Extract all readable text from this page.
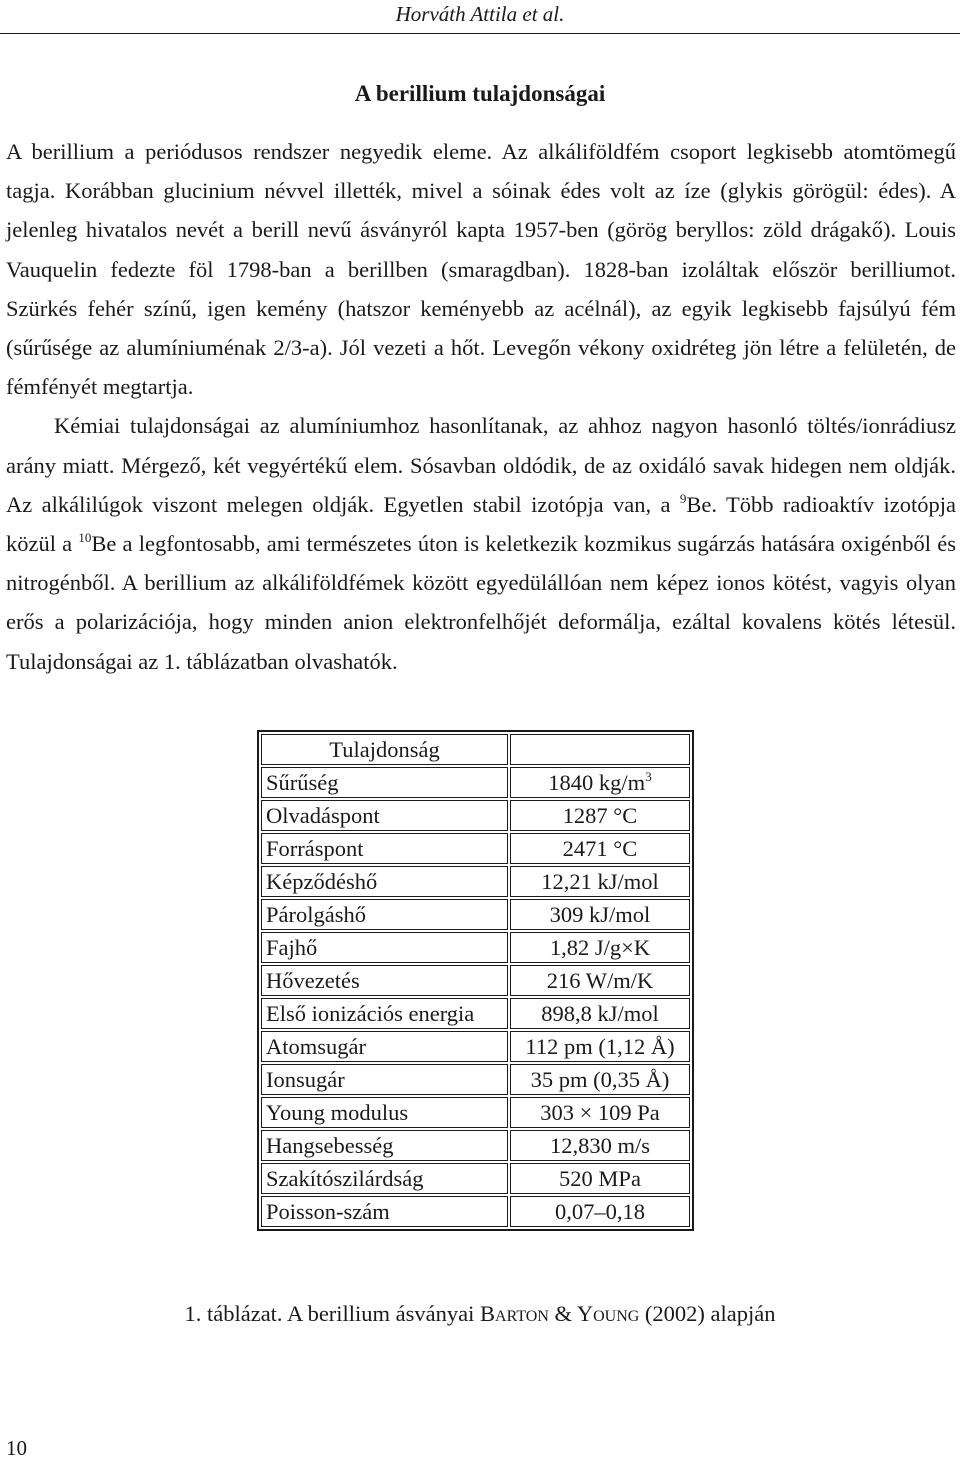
Horváth Attila et al.
A berillium tulajdonságai

A berillium a periódusos rendszer negyedik eleme. Az alkáliföldfém csoport legkisebb atomtömegű tagja. Korábban glucinium névvel illették, mivel a sóinak édes volt az íze (glykis görögül: édes). A jelenleg hivatalos nevét a berill nevű ásványról kapta 1957-ben (görög beryllos: zöld drágakő). Louis Vauquelin fedezte föl 1798-ban a berillben (smaragdban). 1828-ban izoláltak először berilliumot. Szürkés fehér színű, igen kemény (hatszor keményebb az acélnál), az egyik legkisebb fajsúlyú fém (sűrűsége az alumíniuménak 2/3-a). Jól vezeti a hőt. Levegőn vékony oxidréteg jön létre a felületén, de fémfényét megtartja.

Kémiai tulajdonságai az alumíniumhoz hasonlítanak, az ahhoz nagyon hasonló töltés/ionrádiusz arány miatt. Mérgező, két vegyértékű elem. Sósavban oldódik, de az oxidáló savak hidegen nem oldják. Az alkálilúgok viszont melegen oldják. Egyetlen stabil izotópja van, a $^9$Be. Több radioaktív izotópja közül a $^{10}$Be a legfontosabb, ami természetes úton is keletkezik kozmikus sugárzás hatására oxigénből és nitrogénből. A berillium az alkáliföldfémek között egyedülállóan nem képez ionos kötést, vagyis olyan erős a polarizációja, hogy minden anion elektronfelhőjét deformálja, ezáltal kovalens kötés létesül. Tulajdonságai az 1. táblázatban olvashatók.

Tulajdonság	
Sűrűség	1840 $kg/m^3$
Olvadáspont	1287 °C
Forráspont	2471 °C
Képződéshő	12,21 kJ/mol
Párolgáshő	309 kJ/mol
Fajhő	1,82 J/g×K
Hővezetés	216 W/m/K
Első ionizációs energia	898,8 kJ/mol
Atomsugár	112 pm (1,12 Å)
Ionsugár	35 pm (0,35 Å)
Young modulus	303 × 109 Pa
Hangsebesség	12,830 m/s
Szakítószilárdság	520 MPa
Poisson-szám	0,07–0,18
1. táblázat. A berillium ásványai BARTON & YOUNG (2002) alapján
10
